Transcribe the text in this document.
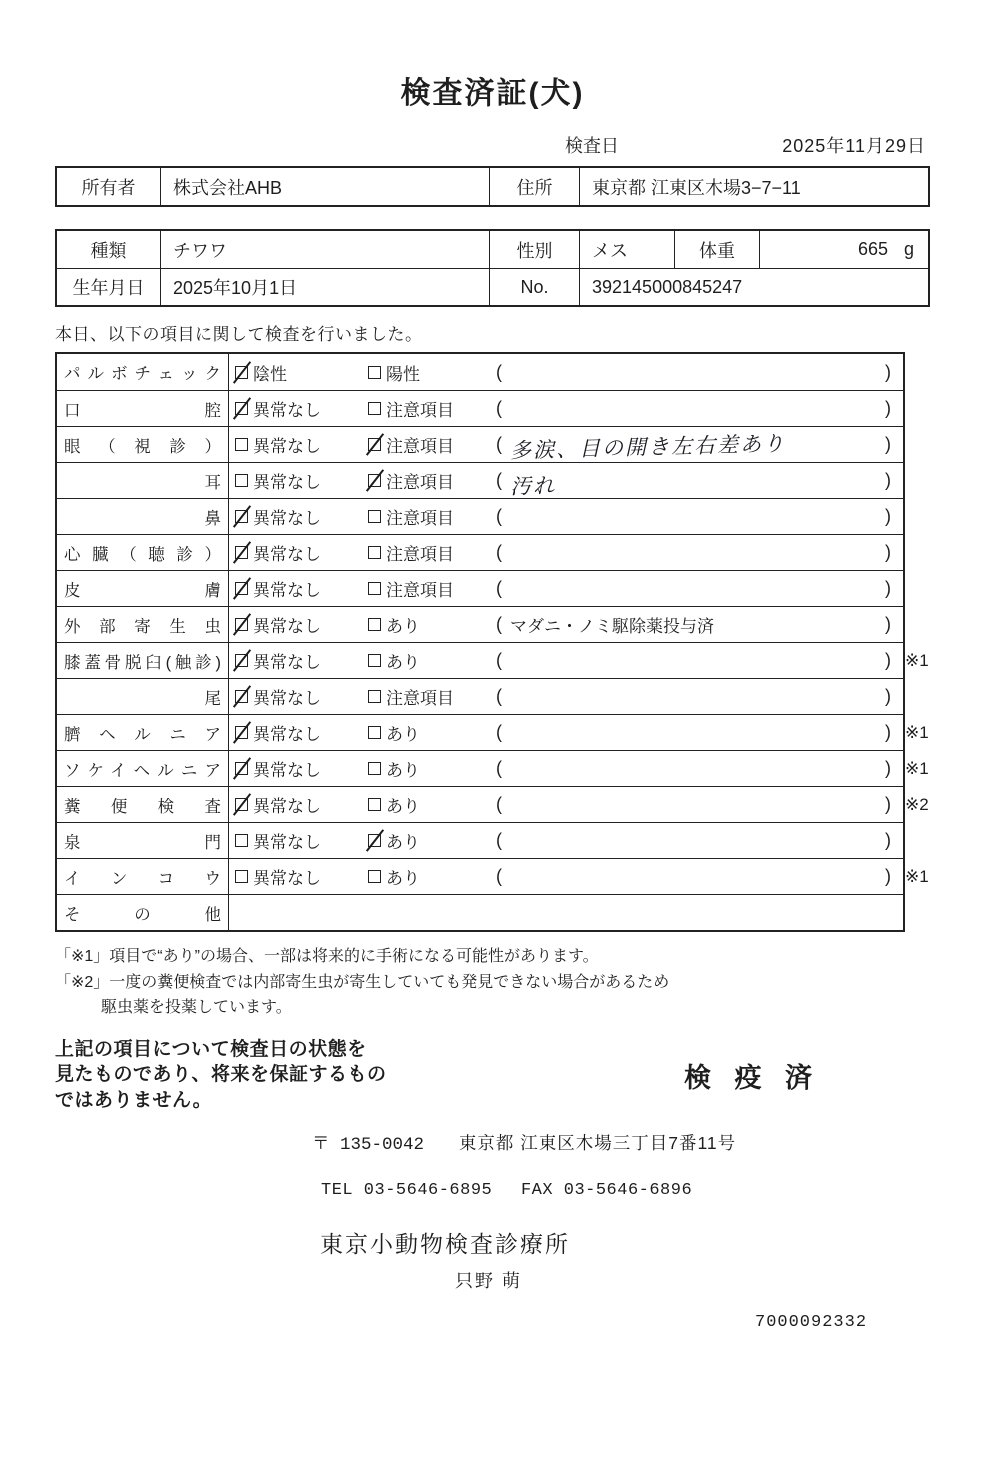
検査済証(犬)
検査日	2025年11月29日
所有者	株式会社AHB	住所	東京都 江東区木場3−7−11
種類	チワワ	性別	メス	体重	665 g
生年月日	2025年10月1日	No.	392145000845247
本日、以下の項目に関して検査を行いました。
パルボチェック 陰性	陽性	(	)
口腔 異常なし	注意項目 (	)
眼（視診） 異常なし	注意項目 ( 多涙、目の開き左右差あり	)
　耳　 異常なし	注意項目 ( 汚れ	)
　鼻　 異常なし	注意項目 (	)
心臓（聴診） 異常なし	注意項目 (	)
皮膚 異常なし	注意項目 (	)
外部寄生虫 異常なし	あり	( マダニ・ノミ駆除薬投与済	)
膝蓋骨脱臼(触診) 異常なし	あり	(	) ※1
　尾　 異常なし	注意項目 (	)
臍ヘルニア 異常なし	あり	(	) ※1
ソケイヘルニア 異常なし	あり	(	) ※1
糞便検査 異常なし	あり	(	) ※2
泉門 異常なし	あり	(	)
インコウ 異常なし	あり	(	) ※1
その他
「※1」項目で“あり”の場合、一部は将来的に手術になる可能性があります。
「※2」一度の糞便検査では内部寄生虫が寄生していても発見できない場合があるため
駆虫薬を投薬しています。
上記の項目について検査日の状態を
見たものであり、将来を保証するもの
ではありません。
検 疫 済
〒 135-0042 東京都 江東区木場三丁目7番11号
TEL 03-5646-6895 FAX 03-5646-6896
東京小動物検査診療所
只野 萌
7000092332
